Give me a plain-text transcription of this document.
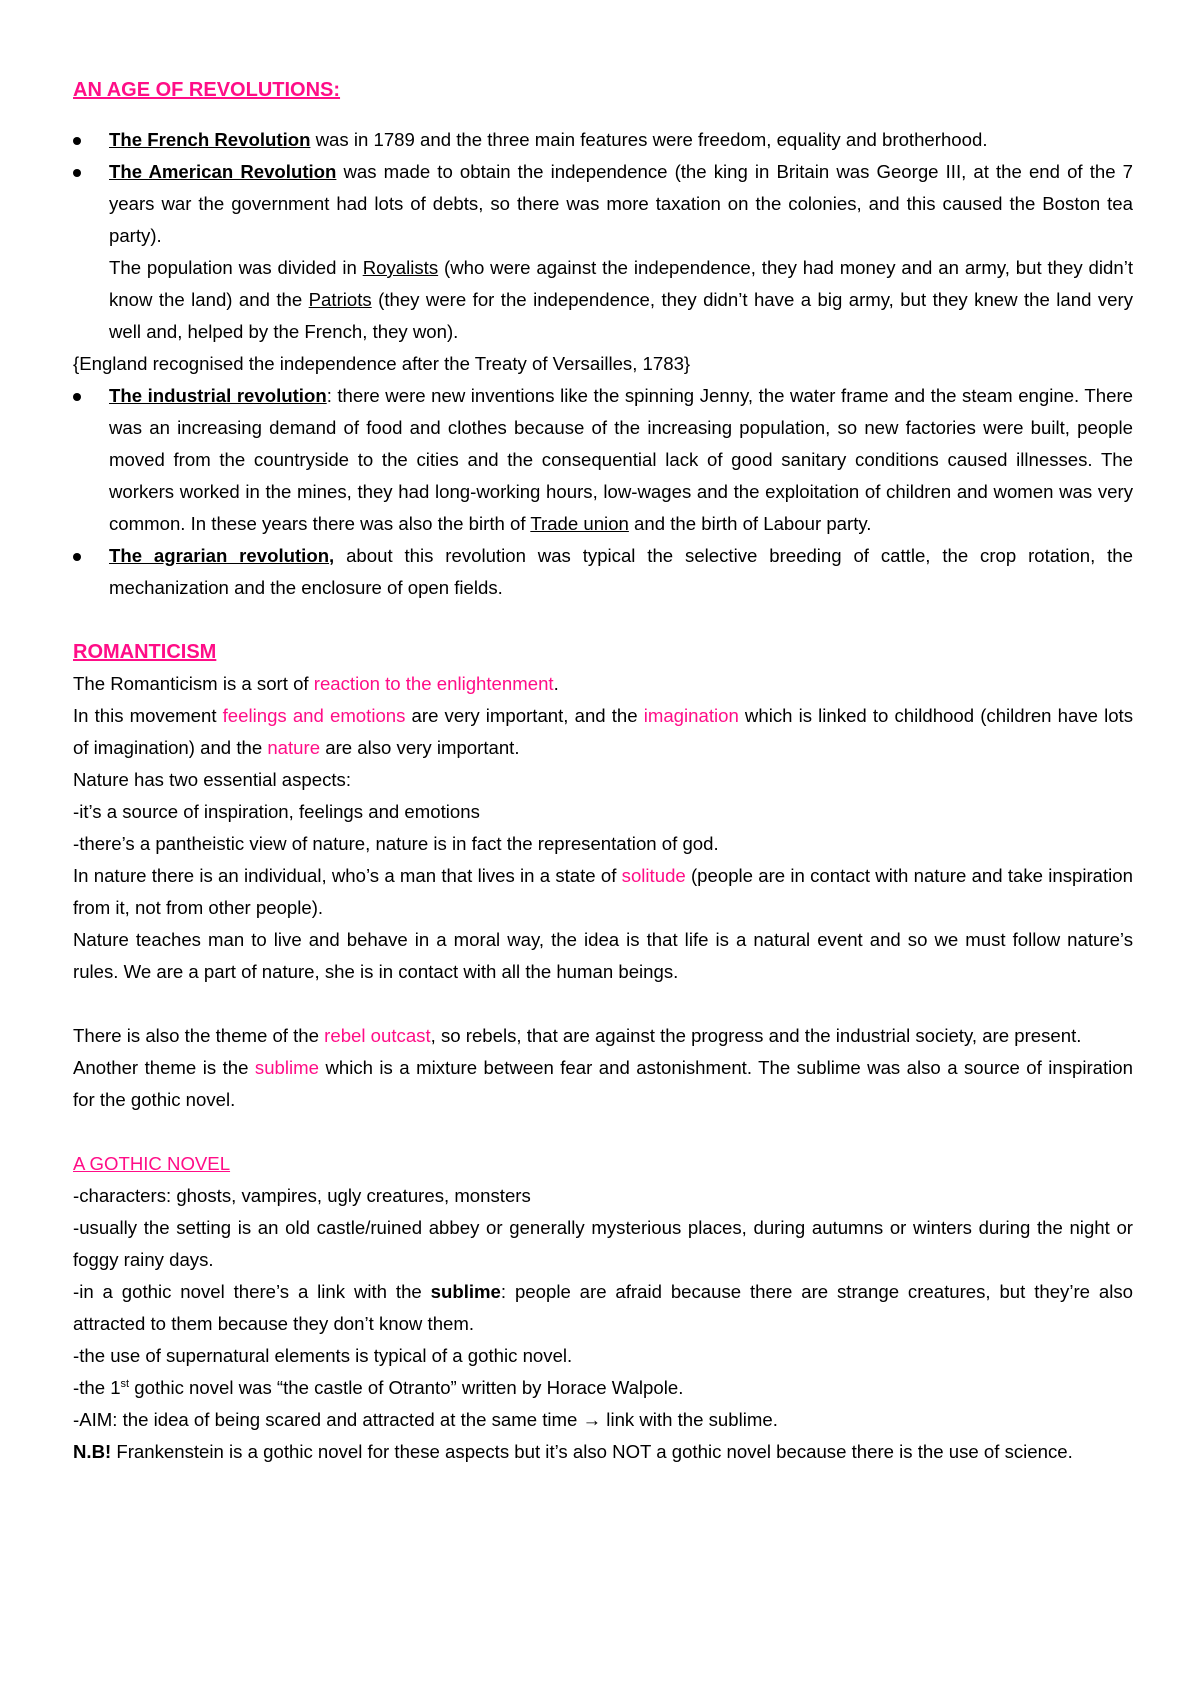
AN AGE OF REVOLUTIONS:
The French Revolution was in 1789 and the three main features were freedom, equality and brotherhood.
The American Revolution was made to obtain the independence (the king in Britain was George III, at the end of the 7 years war the government had lots of debts, so there was more taxation on the colonies, and this caused the Boston tea party).
The population was divided in Royalists (who were against the independence, they had money and an army, but they didn’t know the land) and the Patriots (they were for the independence, they didn’t have a big army, but they knew the land very well and, helped by the French, they won).

{England recognised the independence after the Treaty of Versailles, 1783}

The industrial revolution: there were new inventions like the spinning Jenny, the water frame and the steam engine. There was an increasing demand of food and clothes because of the increasing population, so new factories were built, people moved from the countryside to the cities and the consequential lack of good sanitary conditions caused illnesses. The workers worked in the mines, they had long-working hours, low-wages and the exploitation of children and women was very common. In these years there was also the birth of Trade union and the birth of Labour party.
The agrarian revolution, about this revolution was typical the selective breeding of cattle, the crop rotation, the mechanization and the enclosure of open fields.
ROMANTICISM

The Romanticism is a sort of reaction to the enlightenment.

In this movement feelings and emotions are very important, and the imagination which is linked to childhood (children have lots of imagination) and the nature are also very important.

Nature has two essential aspects:

-it’s a source of inspiration, feelings and emotions

-there’s a pantheistic view of nature, nature is in fact the representation of god.

In nature there is an individual, who’s a man that lives in a state of solitude (people are in contact with nature and take inspiration from it, not from other people).

Nature teaches man to live and behave in a moral way, the idea is that life is a natural event and so we must follow nature’s rules. We are a part of nature, she is in contact with all the human beings.

There is also the theme of the rebel outcast, so rebels, that are against the progress and the industrial society, are present.

Another theme is the sublime which is a mixture between fear and astonishment. The sublime was also a source of inspiration for the gothic novel.

A GOTHIC NOVEL

-characters: ghosts, vampires, ugly creatures, monsters

-usually the setting is an old castle/ruined abbey or generally mysterious places, during autumns or winters during the night or foggy rainy days.

-in a gothic novel there’s a link with the sublime: people are afraid because there are strange creatures, but they’re also attracted to them because they don’t know them.

-the use of supernatural elements is typical of a gothic novel.

-the 1st gothic novel was “the castle of Otranto” written by Horace Walpole.

-AIM: the idea of being scared and attracted at the same time → link with the sublime.

N.B! Frankenstein is a gothic novel for these aspects but it’s also NOT a gothic novel because there is the use of science.
